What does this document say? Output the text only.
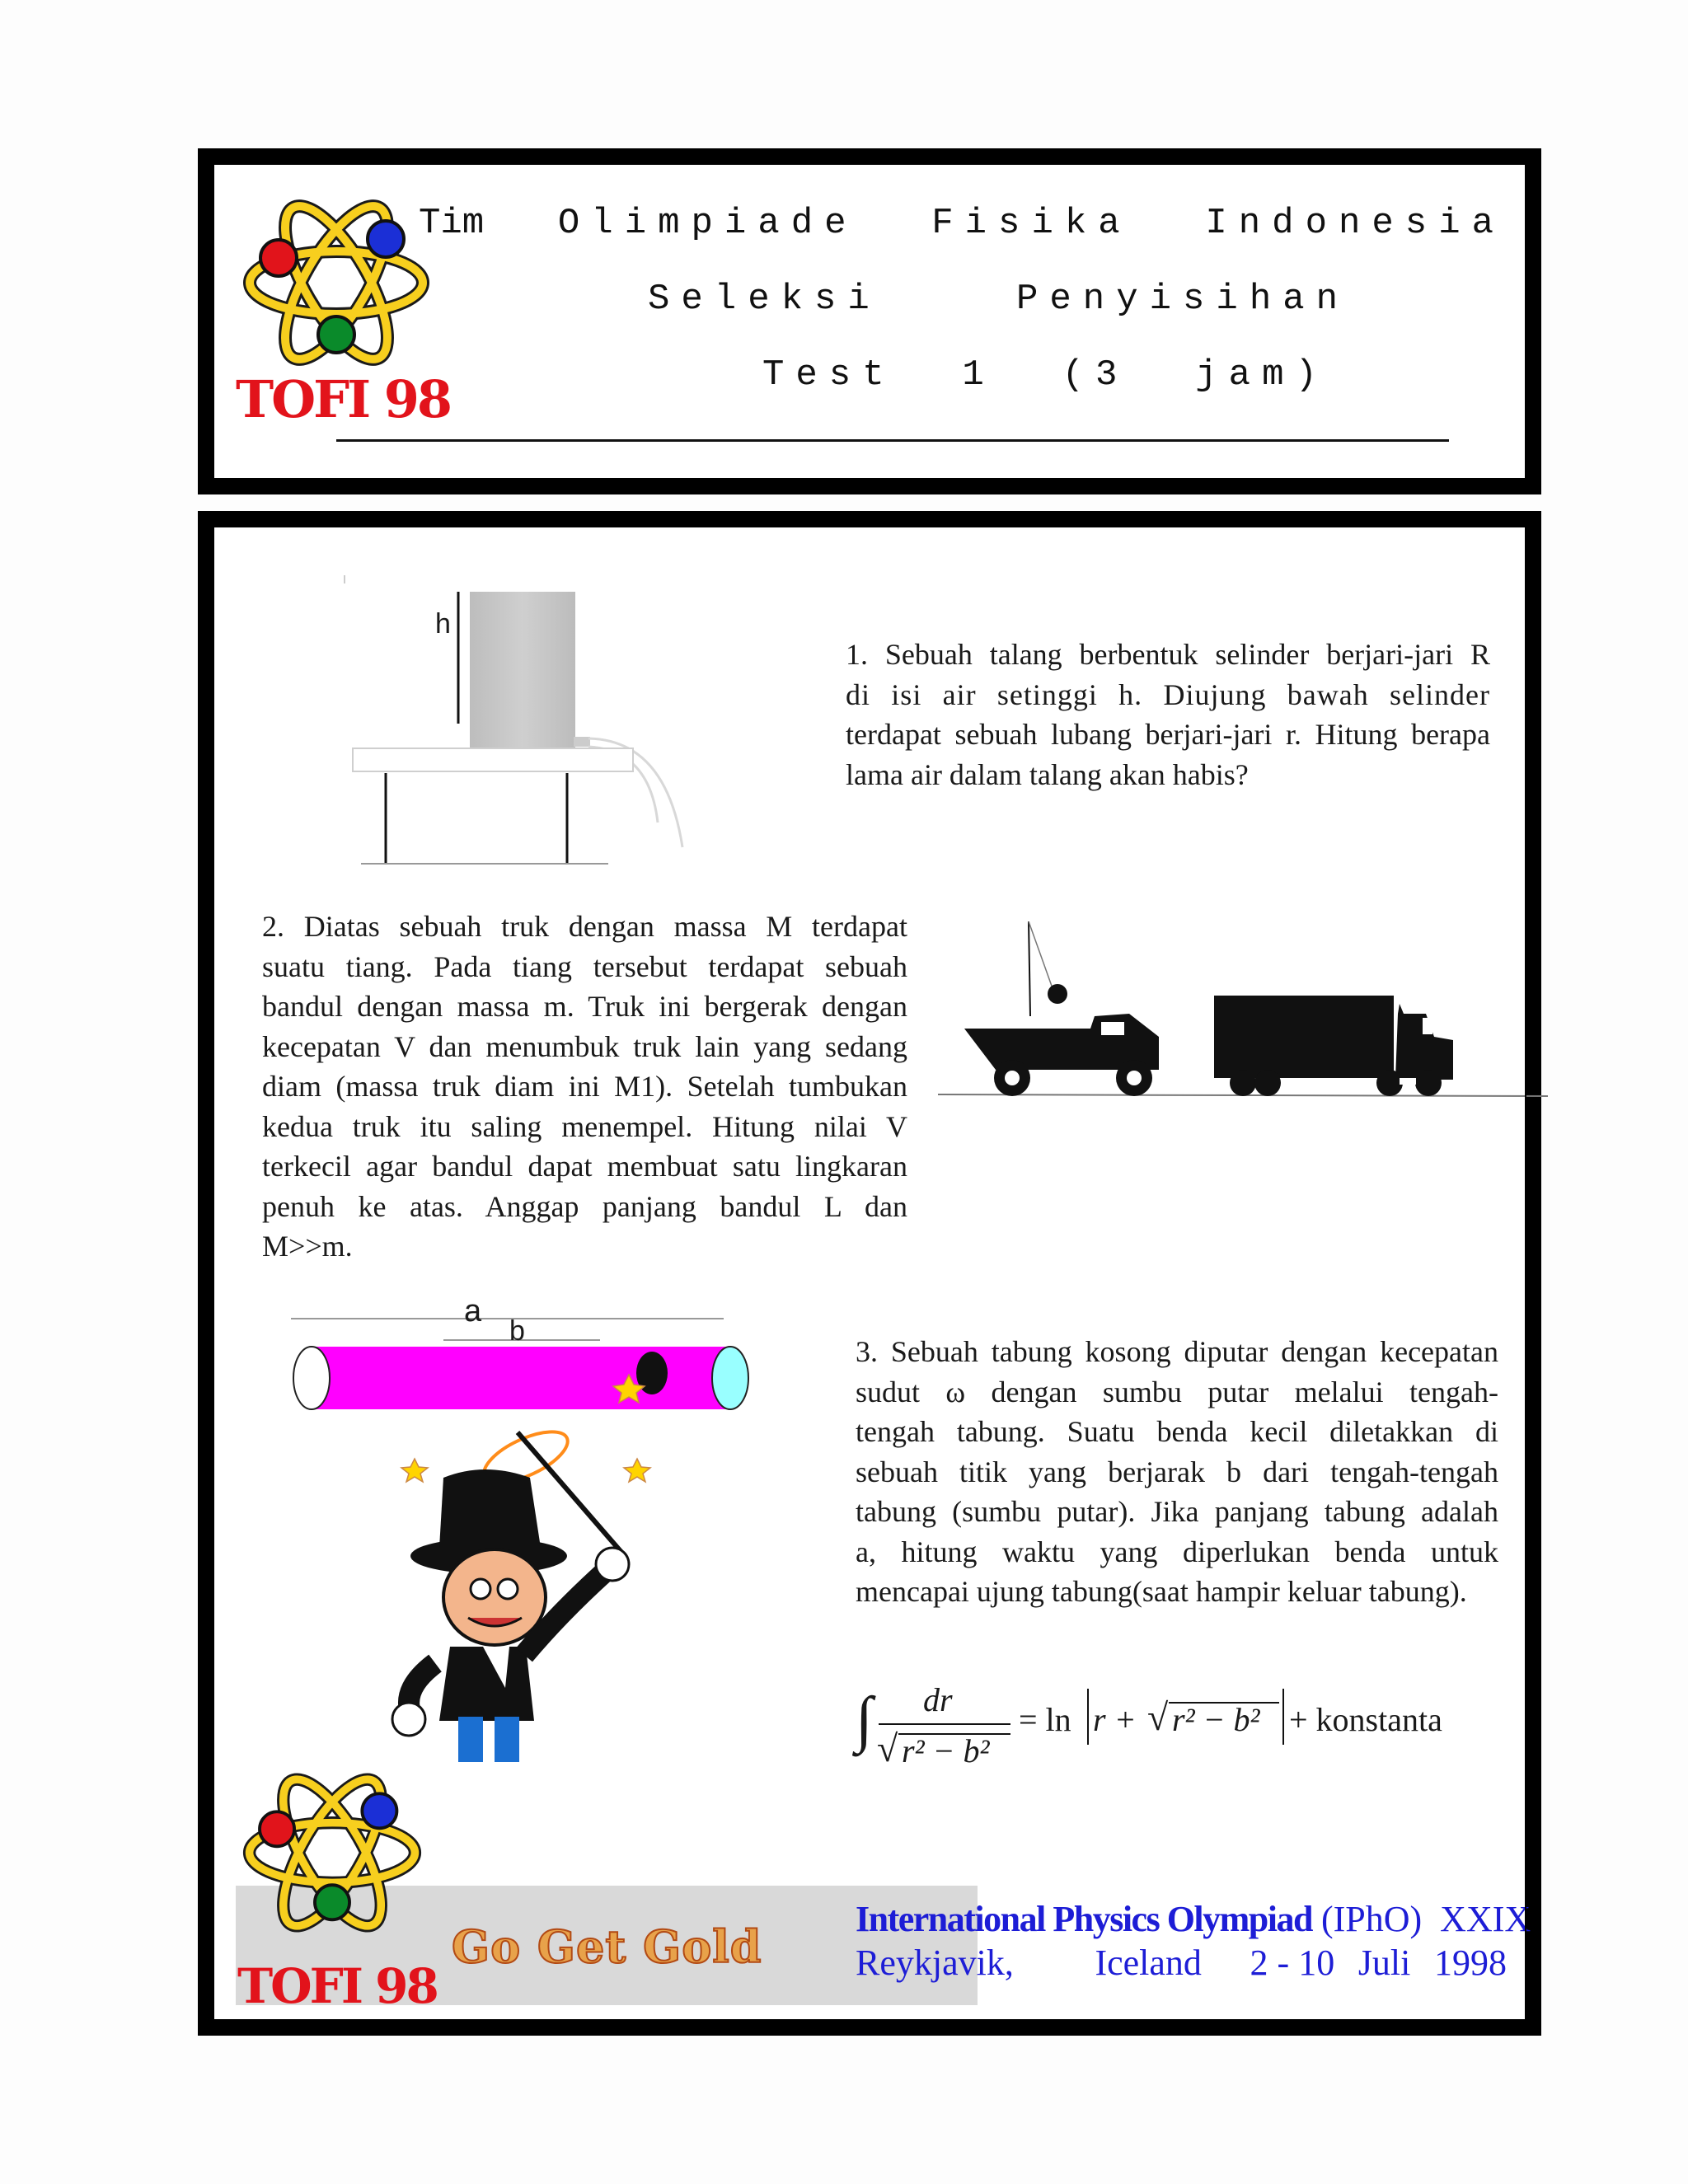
TOFI 98
Tim Olimpiade Fisika Indonesia
Seleksi	Penyisihan
Test  1  (3  jam)
h

1. Sebuah talang berbentuk selinder berjari-jari R

di isi air setinggi h. Diujung bawah selinder

terdapat sebuah lubang berjari-jari r. Hitung berapa

lama air dalam talang akan habis?

2. Diatas sebuah truk dengan massa M terdapat

suatu tiang. Pada tiang tersebut terdapat sebuah

bandul dengan massa m. Truk ini bergerak dengan

kecepatan V dan menumbuk truk lain yang sedang

diam (massa truk diam ini M1). Setelah tumbukan

kedua truk itu saling menempel. Hitung nilai V

terkecil agar bandul dapat membuat satu lingkaran

penuh ke atas. Anggap panjang bandul L dan

M>>m.

a
b

3. Sebuah tabung kosong diputar dengan kecepatan

sudut ω dengan sumbu putar melalui tengah-

tengah tabung. Suatu benda kecil diletakkan di

sebuah titik yang berjarak b dari tengah-tengah

tabung (sumbu putar). Jika panjang tabung adalah

a, hitung waktu yang diperlukan benda untuk

mencapai ujung tabung(saat hampir keluar tabung).

∫ dr
√ r² − b²
= ln r + √ r² − b² + konstanta
TOFI 98
Go Get Gold
International Physics Olympiad (IPhO)  XXIX
Reykjavik, Iceland 2 - 10 Juli 1998
